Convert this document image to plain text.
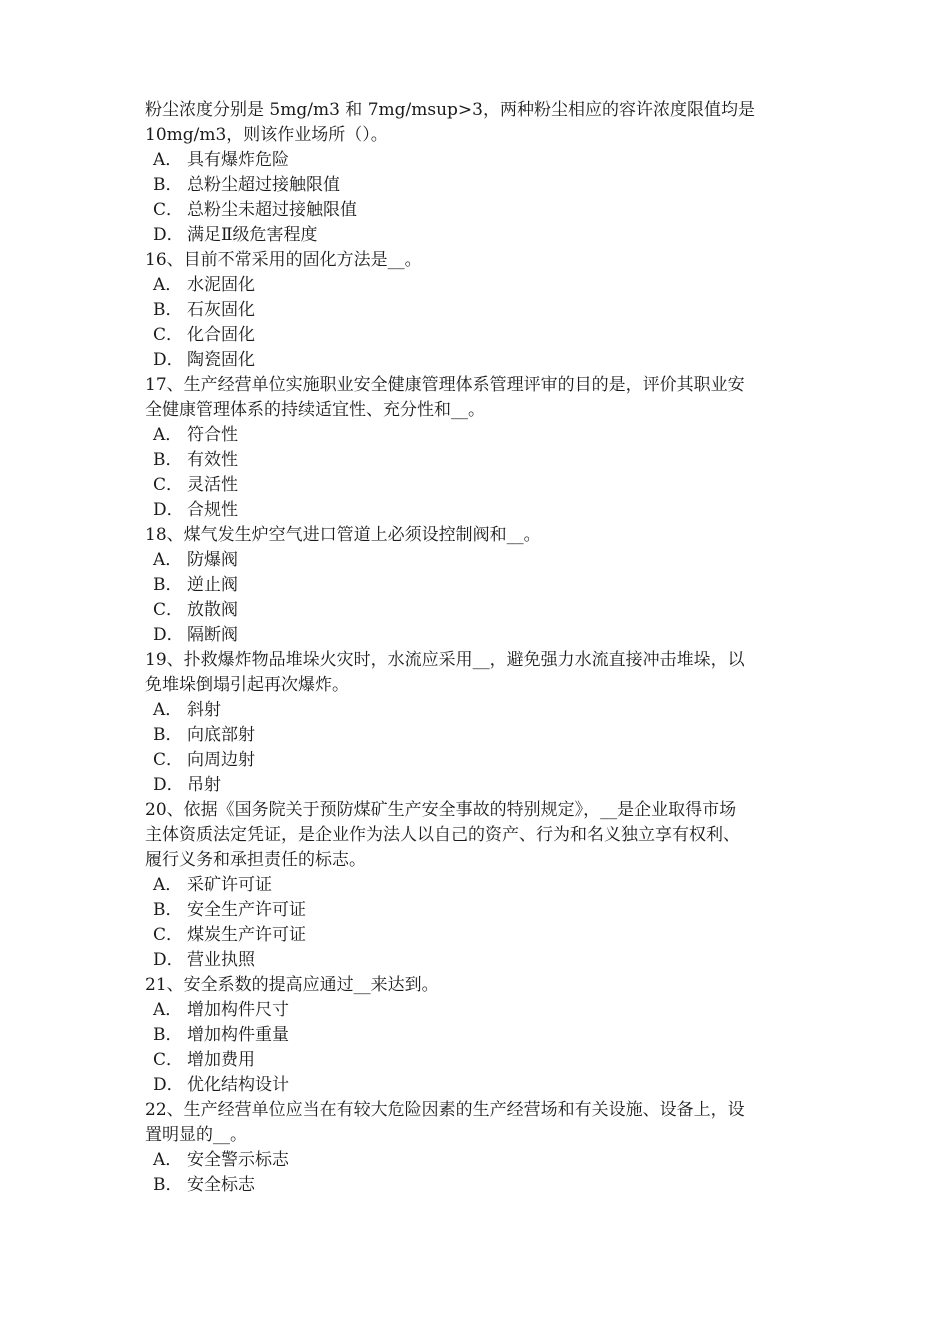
粉尘浓度分别是 5mg/m3 和 7mg/msup>3，两种粉尘相应的容许浓度限值均是
10mg/m3，则该作业场所（）。
A． 具有爆炸危险
B． 总粉尘超过接触限值
C． 总粉尘未超过接触限值
D． 满足Ⅱ级危害程度
16、目前不常采用的固化方法是__。
A． 水泥固化
B． 石灰固化
C． 化合固化
D． 陶瓷固化
17、生产经营单位实施职业安全健康管理体系管理评审的目的是，评价其职业安
全健康管理体系的持续适宜性、充分性和__。
A． 符合性
B． 有效性
C． 灵活性
D． 合规性
18、煤气发生炉空气进口管道上必须设控制阀和__。
A． 防爆阀
B． 逆止阀
C． 放散阀
D． 隔断阀
19、扑救爆炸物品堆垛火灾时，水流应采用__，避免强力水流直接冲击堆垛，以
免堆垛倒塌引起再次爆炸。
A． 斜射
B． 向底部射
C． 向周边射
D． 吊射
20、依据《国务院关于预防煤矿生产安全事故的特别规定》，__是企业取得市场
主体资质法定凭证，是企业作为法人以自己的资产、行为和名义独立享有权利、
履行义务和承担责任的标志。
A． 采矿许可证
B． 安全生产许可证
C． 煤炭生产许可证
D． 营业执照
21、安全系数的提高应通过__来达到。
A． 增加构件尺寸
B． 增加构件重量
C． 增加费用
D． 优化结构设计
22、生产经营单位应当在有较大危险因素的生产经营场和有关设施、设备上，设
置明显的__。
A． 安全警示标志
B． 安全标志
